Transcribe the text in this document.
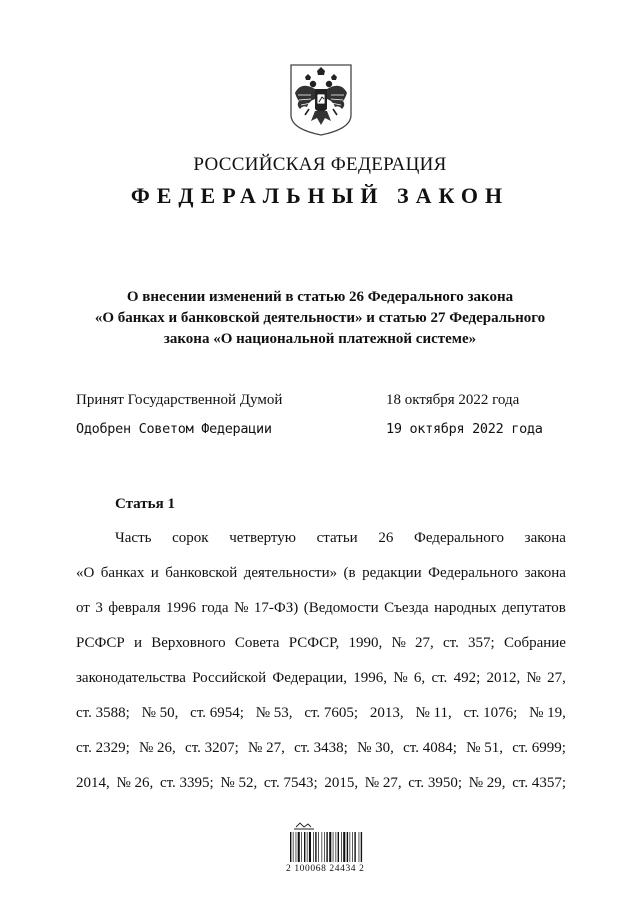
РОССИЙСКАЯ ФЕДЕРАЦИЯ
ФЕДЕРАЛЬНЫЙ ЗАКОН
О внесении изменений в статью 26 Федерального закона
«О банках и банковской деятельности» и статью 27 Федерального
закона «О национальной платежной системе»
Принят Государственной Думой	18 октября 2022 года
Одобрен Советом Федерации	19 октября 2022 года
Статья 1
Часть сорок четвертую статьи 26 Федерального закона
«О банках и банковской деятельности» (в редакции Федерального закона
от 3 февраля 1996 года № 17-ФЗ) (Ведомости Съезда народных депутатов
РСФСР и Верховного Совета РСФСР, 1990, № 27, ст. 357; Собрание
законодательства Российской Федерации, 1996, № 6, ст. 492; 2012, № 27,
ст. 3588; № 50, ст. 6954; № 53, ст. 7605; 2013, № 11, ст. 1076; № 19,
ст. 2329; № 26, ст. 3207; № 27, ст. 3438; № 30, ст. 4084; № 51, ст. 6999;
2014, № 26, ст. 3395; № 52, ст. 7543; 2015, № 27, ст. 3950; № 29, ст. 4357;
2 100068 24434 2
